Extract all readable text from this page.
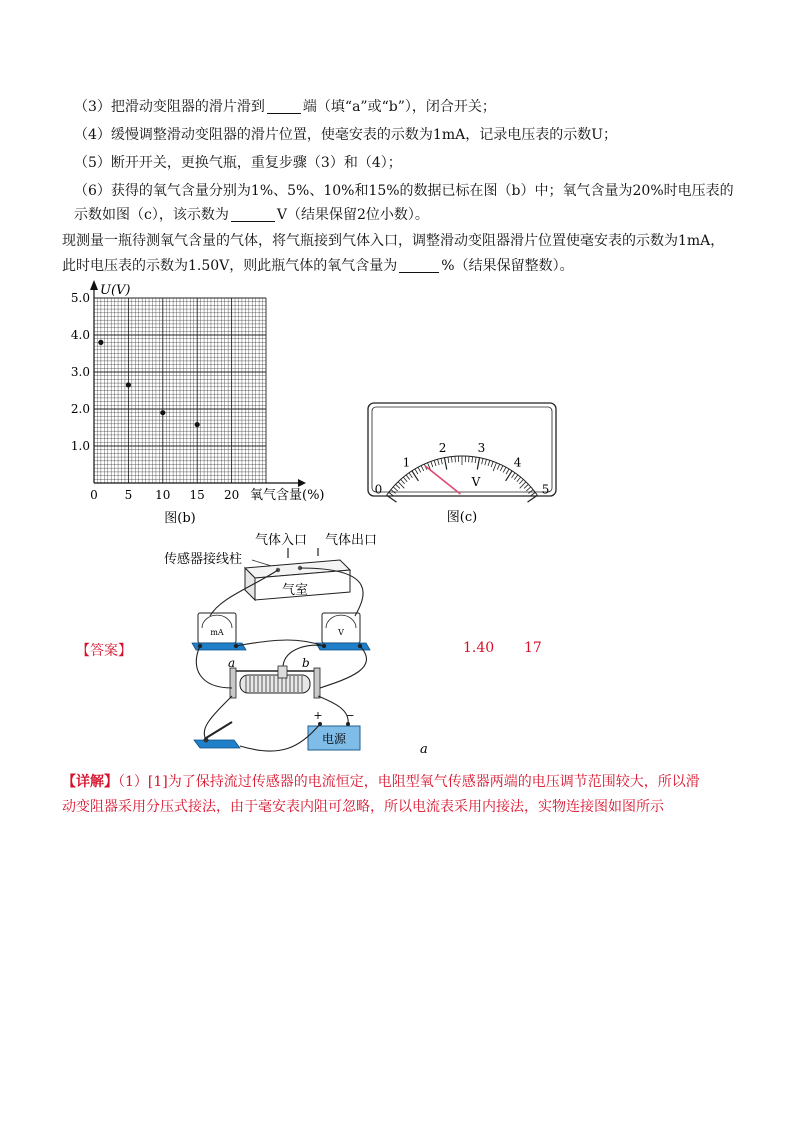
（3）把滑动变阻器的滑片滑到	端（填“a”或“b”），闭合开关；
（4）缓慢调整滑动变阻器的滑片位置，使毫安表的示数为1mA，记录电压表的示数U；
（5）断开开关，更换气瓶，重复步骤（3）和（4）；
（6）获得的氧气含量分别为1%、5%、10%和15%的数据已标在图（b）中；氧气含量为20%时电压表的
示数如图（c），该示数为	V（结果保留2位小数）。
现测量一瓶待测氧气含量的气体，将气瓶接到气体入口，调整滑动变阻器滑片位置使毫安表的示数为1mA，
此时电压表的示数为1.50V，则此瓶气体的氧气含量为	%（结果保留整数）。
U(V)
氧气含量(%)
0 5 10 15 20
1.0
2.0
3.0
4.0
5.0
图(b)
0
1
2	3
4
5
V
图(c)
气体入口 气体出口
传感器接线柱
气室
mA	V
a	b
+ −
电源
a
【答案】	1.40 17
【详解】（1）[1]为了保持流过传感器的电流恒定，电阻型氧气传感器两端的电压调节范围较大，所以滑
动变阻器采用分压式接法，由于毫安表内阻可忽略，所以电流表采用内接法，实物连接图如图所示
